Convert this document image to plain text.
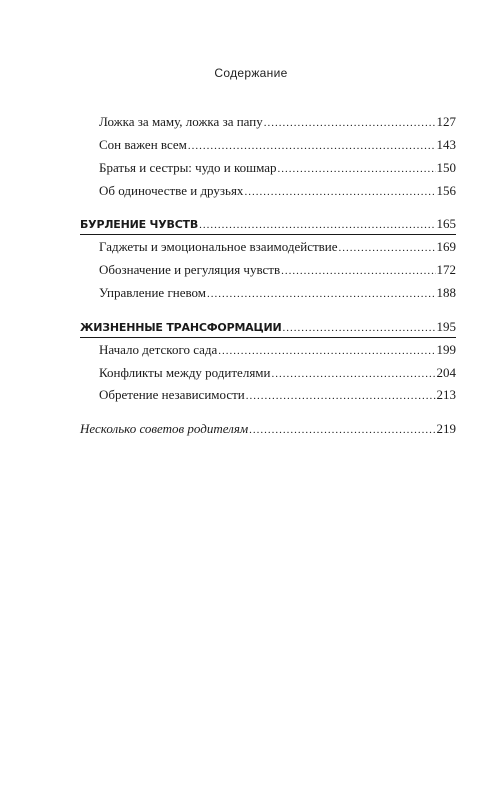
Содержание
Ложка за маму, ложка за папу .....	127
Сон важен всем .....	143
Братья и сестры: чудо и кошмар .....	150
Об одиночестве и друзьях .....	156
БУРЛЕНИЕ ЧУВСТВ .....	165
Гаджеты и эмоциональное взаимодействие .....	169
Обозначение и регуляция чувств .....	172
Управление гневом .....	188
ЖИЗНЕННЫЕ ТРАНСФОРМАЦИИ .....	195
Начало детского сада .....	199
Конфликты между родителями .....	204
Обретение независимости .....	213
Несколько советов родителям .....	219
